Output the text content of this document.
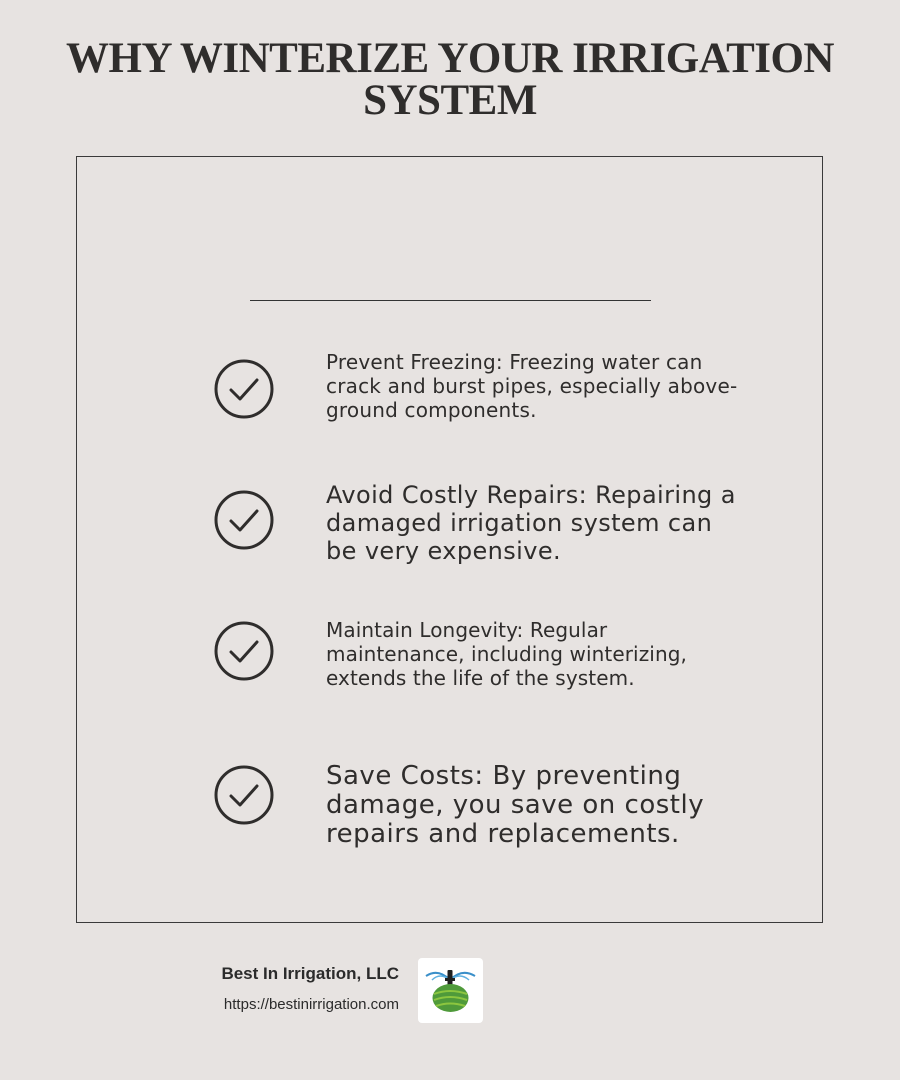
WHY WINTERIZE YOUR IRRIGATION SYSTEM

Prevent Freezing: Freezing water can crack and burst pipes, especially above-ground components.

Avoid Costly Repairs: Repairing a damaged irrigation system can be very expensive.

Maintain Longevity: Regular maintenance, including winterizing, extends the life of the system.

Save Costs: By preventing damage, you save on costly repairs and replacements.

Best In Irrigation, LLC
https://bestinirrigation.com
